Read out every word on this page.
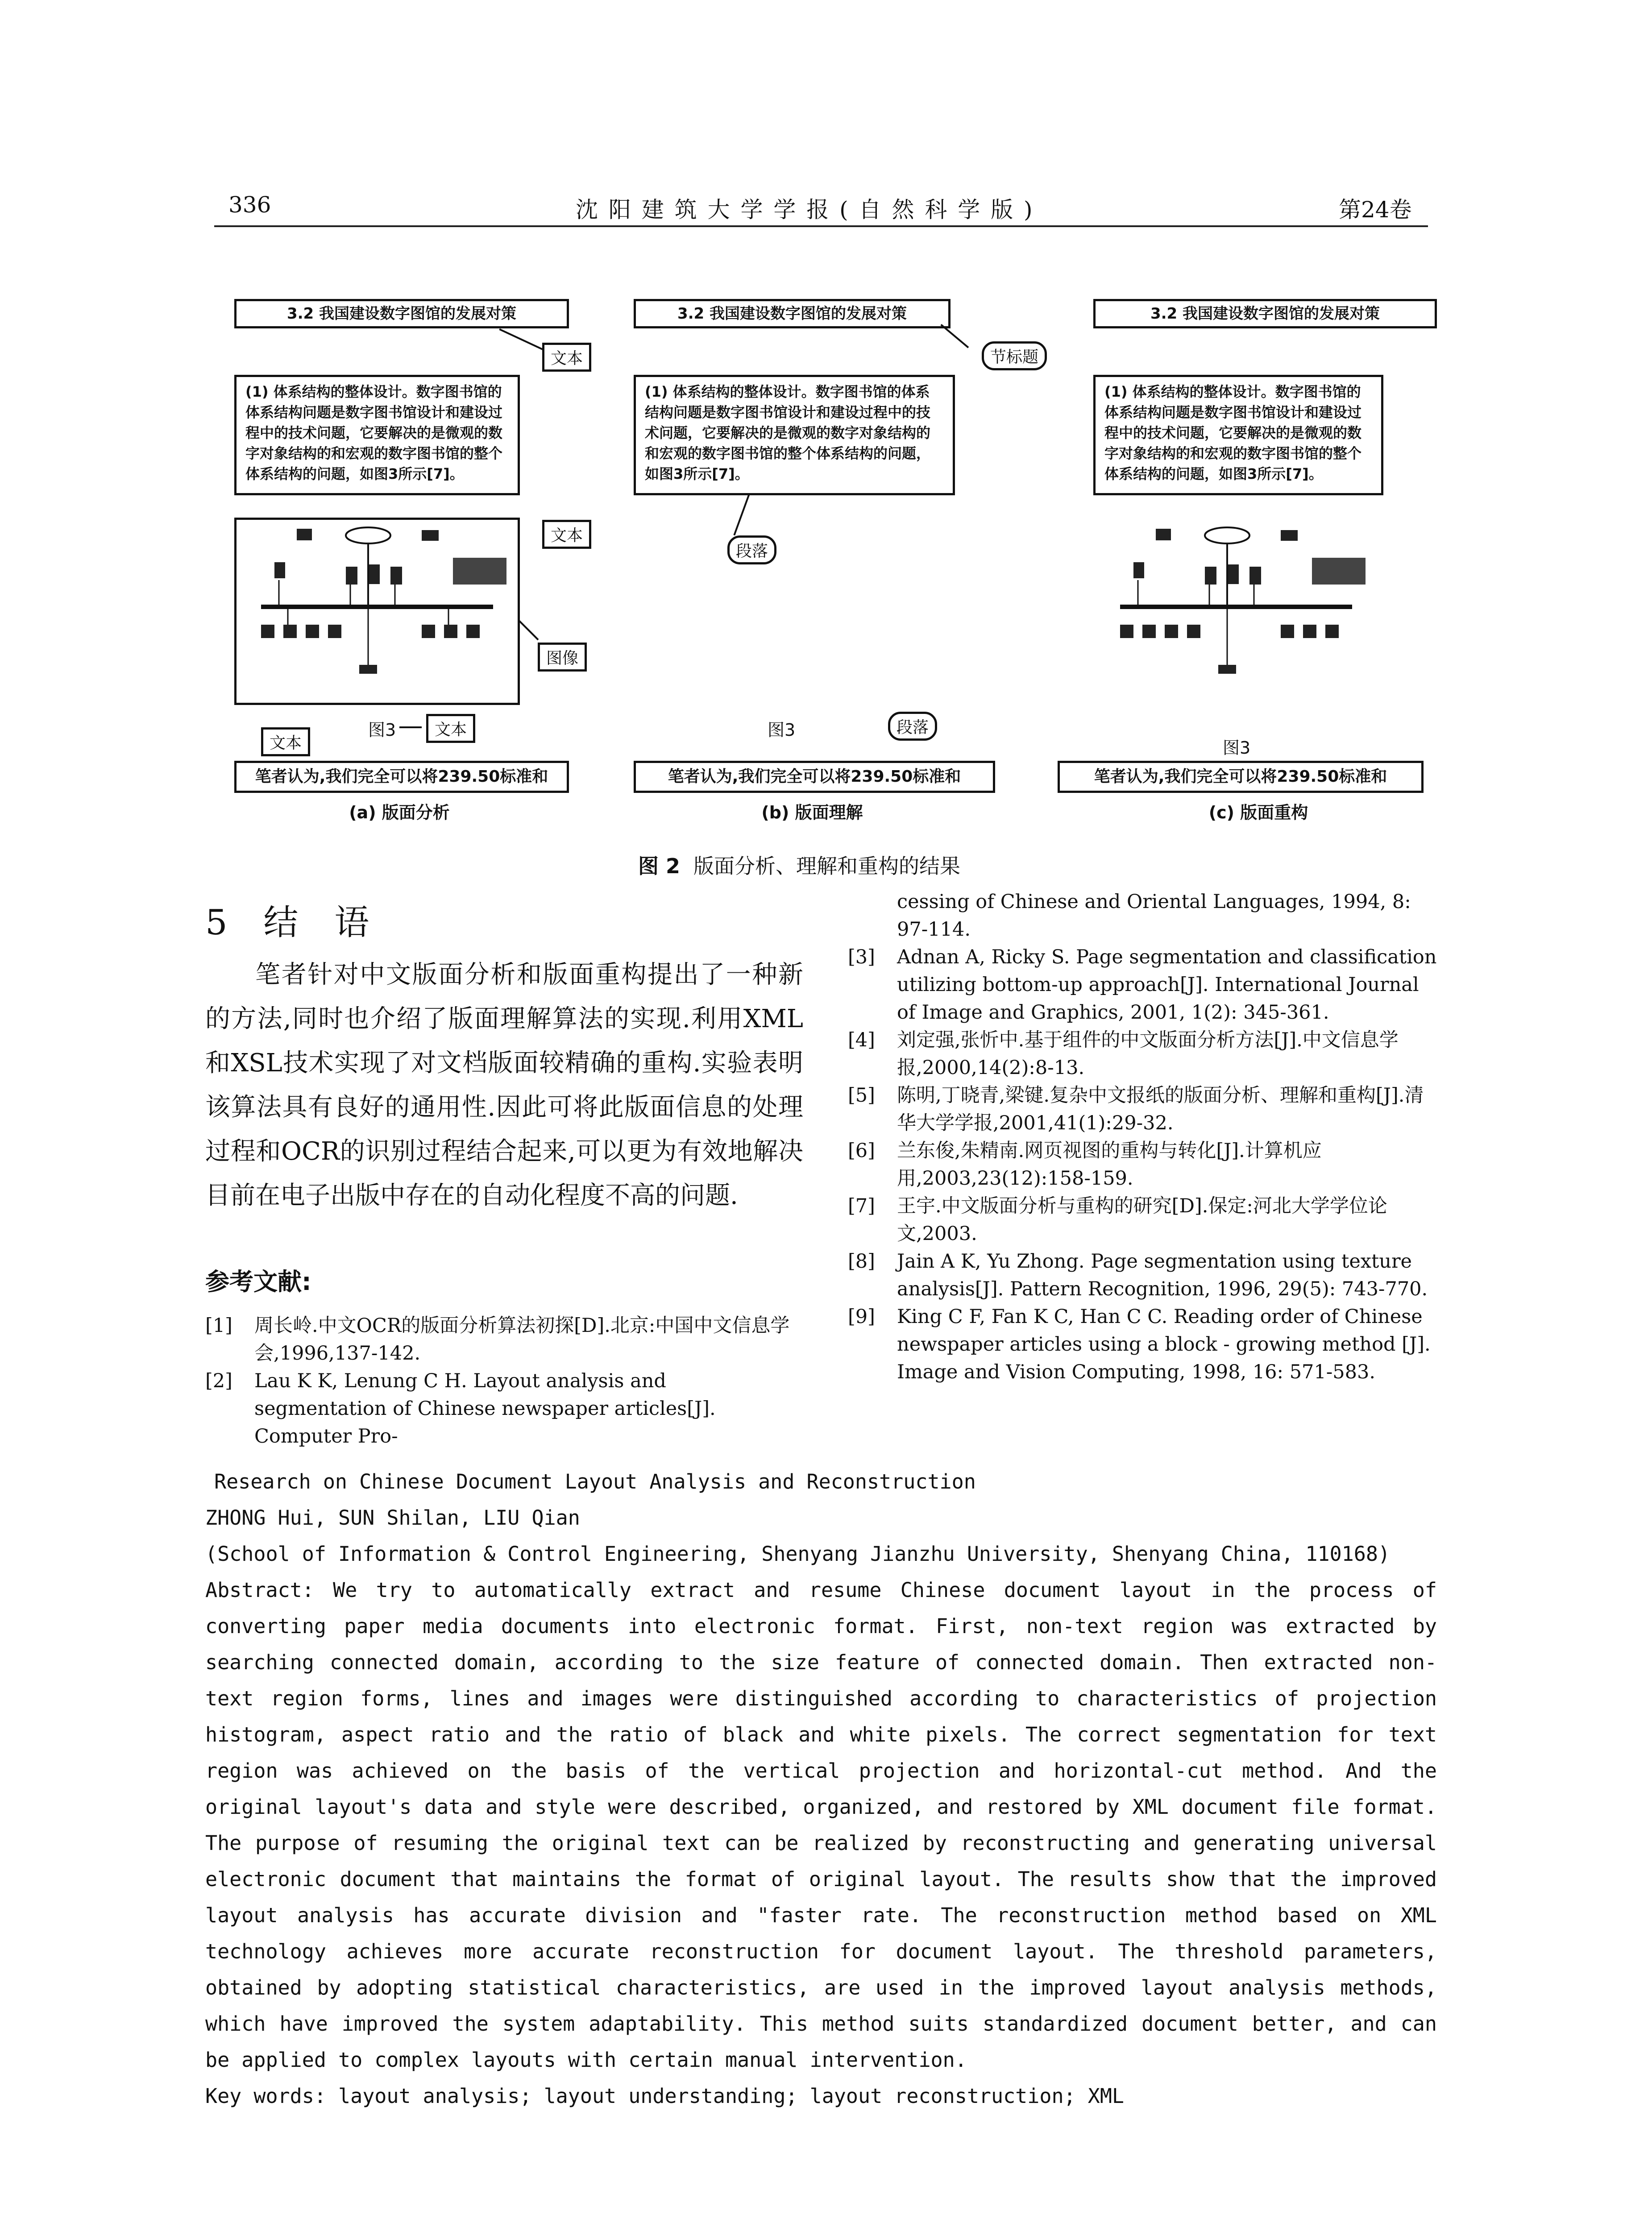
336	沈 阳 建 筑 大 学 学 报 ( 自 然 科 学 版 )	第24卷
3.2 我国建设数字图馆的发展对策
(1) 体系结构的整体设计。数字图书馆的体系结构问题是数字图书馆设计和建设过程中的技术问题，它要解决的是微观的数字对象结构的和宏观的数字图书馆的整个体系结构的问题，如图3所示[7]。
文本
文本
图像
图3	文本
文本
笔者认为,我们完全可以将239.50标准和
(a) 版面分析
3.2 我国建设数字图馆的发展对策
(1) 体系结构的整体设计。数字图书馆的体系结构问题是数字图书馆设计和建设过程中的技术问题，它要解决的是微观的数字对象结构的和宏观的数字图书馆的整个体系结构的问题，如图3所示[7]。
节标题
段落
图3	段落
笔者认为,我们完全可以将239.50标准和
(b) 版面理解
3.2 我国建设数字图馆的发展对策
(1) 体系结构的整体设计。数字图书馆的体系结构问题是数字图书馆设计和建设过程中的技术问题，它要解决的是微观的数字对象结构的和宏观的数字图书馆的整个体系结构的问题，如图3所示[7]。
图3
笔者认为,我们完全可以将239.50标准和
(c) 版面重构
图 2 版面分析、理解和重构的结果
5 结 语
笔者针对中文版面分析和版面重构提出了一种新的方法,同时也介绍了版面理解算法的实现.利用XML和XSL技术实现了对文档版面较精确的重构.实验表明该算法具有良好的通用性.因此可将此版面信息的处理过程和OCR的识别过程结合起来,可以更为有效地解决目前在电子出版中存在的自动化程度不高的问题.
参考文献:
[1] 周长岭.中文OCR的版面分析算法初探[D].北京:中国中文信息学会,1996,137-142.
[2] Lau K K, Lenung C H. Layout analysis and segmentation of Chinese newspaper articles[J]. Computer Pro-
cessing of Chinese and Oriental Languages, 1994, 8: 97-114.
[3] Adnan A, Ricky S. Page segmentation and classification utilizing bottom-up approach[J]. International Journal of Image and Graphics, 2001, 1(2): 345-361.
[4] 刘定强,张忻中.基于组件的中文版面分析方法[J].中文信息学报,2000,14(2):8-13.
[5] 陈明,丁晓青,梁键.复杂中文报纸的版面分析、理解和重构[J].清华大学学报,2001,41(1):29-32.
[6] 兰东俊,朱精南.网页视图的重构与转化[J].计算机应用,2003,23(12):158-159.
[7] 王宇.中文版面分析与重构的研究[D].保定:河北大学学位论文,2003.
[8] Jain A K, Yu Zhong. Page segmentation using texture analysis[J]. Pattern Recognition, 1996, 29(5): 743-770.
[9] King C F, Fan K C, Han C C. Reading order of Chinese newspaper articles using a block - growing method [J]. Image and Vision Computing, 1998, 16: 571-583.
Research on Chinese Document Layout Analysis and Reconstruction
ZHONG Hui, SUN Shilan, LIU Qian
(School of Information & Control Engineering, Shenyang Jianzhu University, Shenyang China, 110168)
Abstract: We try to automatically extract and resume Chinese document layout in the process of converting paper media documents into electronic format. First, non-text region was extracted by searching connected domain, according to the size feature of connected domain. Then extracted non-text region forms, lines and images were distinguished according to characteristics of projection histogram, aspect ratio and the ratio of black and white pixels. The correct segmentation for text region was achieved on the basis of the vertical projection and horizontal-cut method. And the original layout's data and style were described, organized, and restored by XML document file format. The purpose of resuming the original text can be realized by reconstructing and generating universal electronic document that maintains the format of original layout. The results show that the improved layout analysis has accurate division and "faster rate. The reconstruction method based on XML technology achieves more accurate reconstruction for document layout. The threshold parameters, obtained by adopting statistical characteristics, are used in the improved layout analysis methods, which have improved the system adaptability. This method suits standardized document better, and can be applied to complex layouts with certain manual intervention.
Key words: layout analysis; layout understanding; layout reconstruction; XML
